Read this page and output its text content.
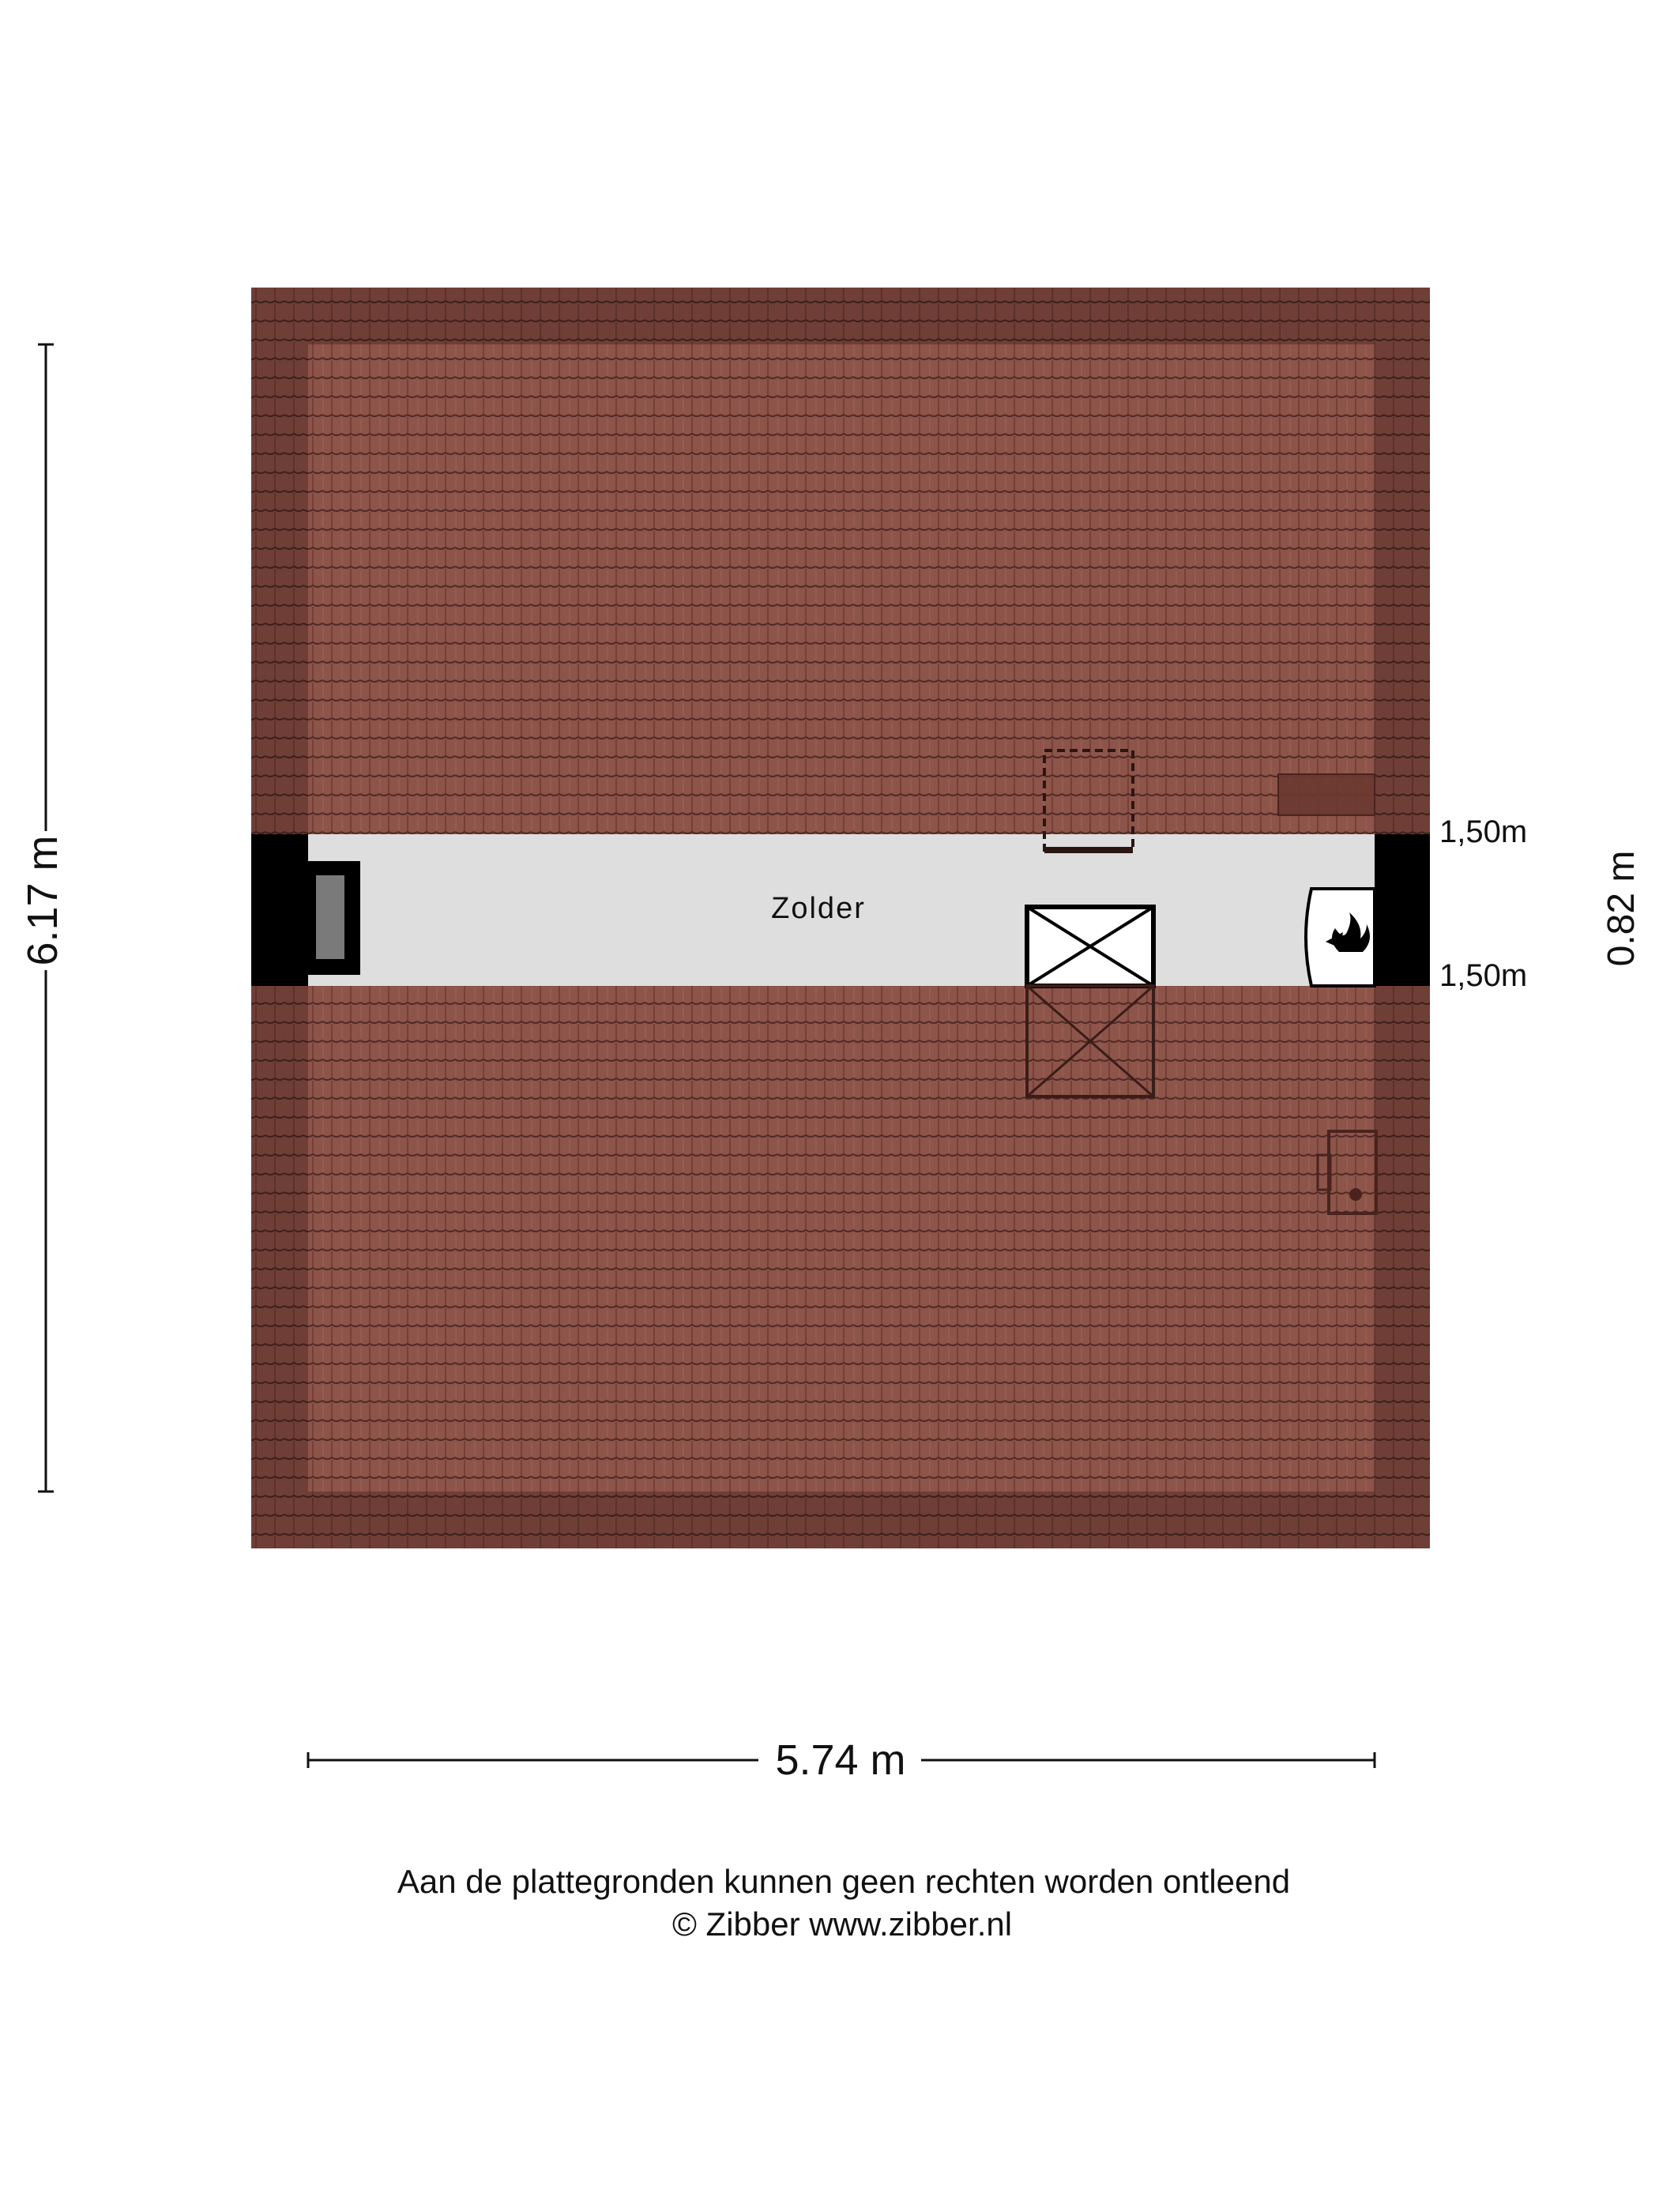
Zolder
1,50m
1,50m
0.82 m
6.17 m
5.74 m
Aan de plattegronden kunnen geen rechten worden ontleend
© Zibber www.zibber.nl
